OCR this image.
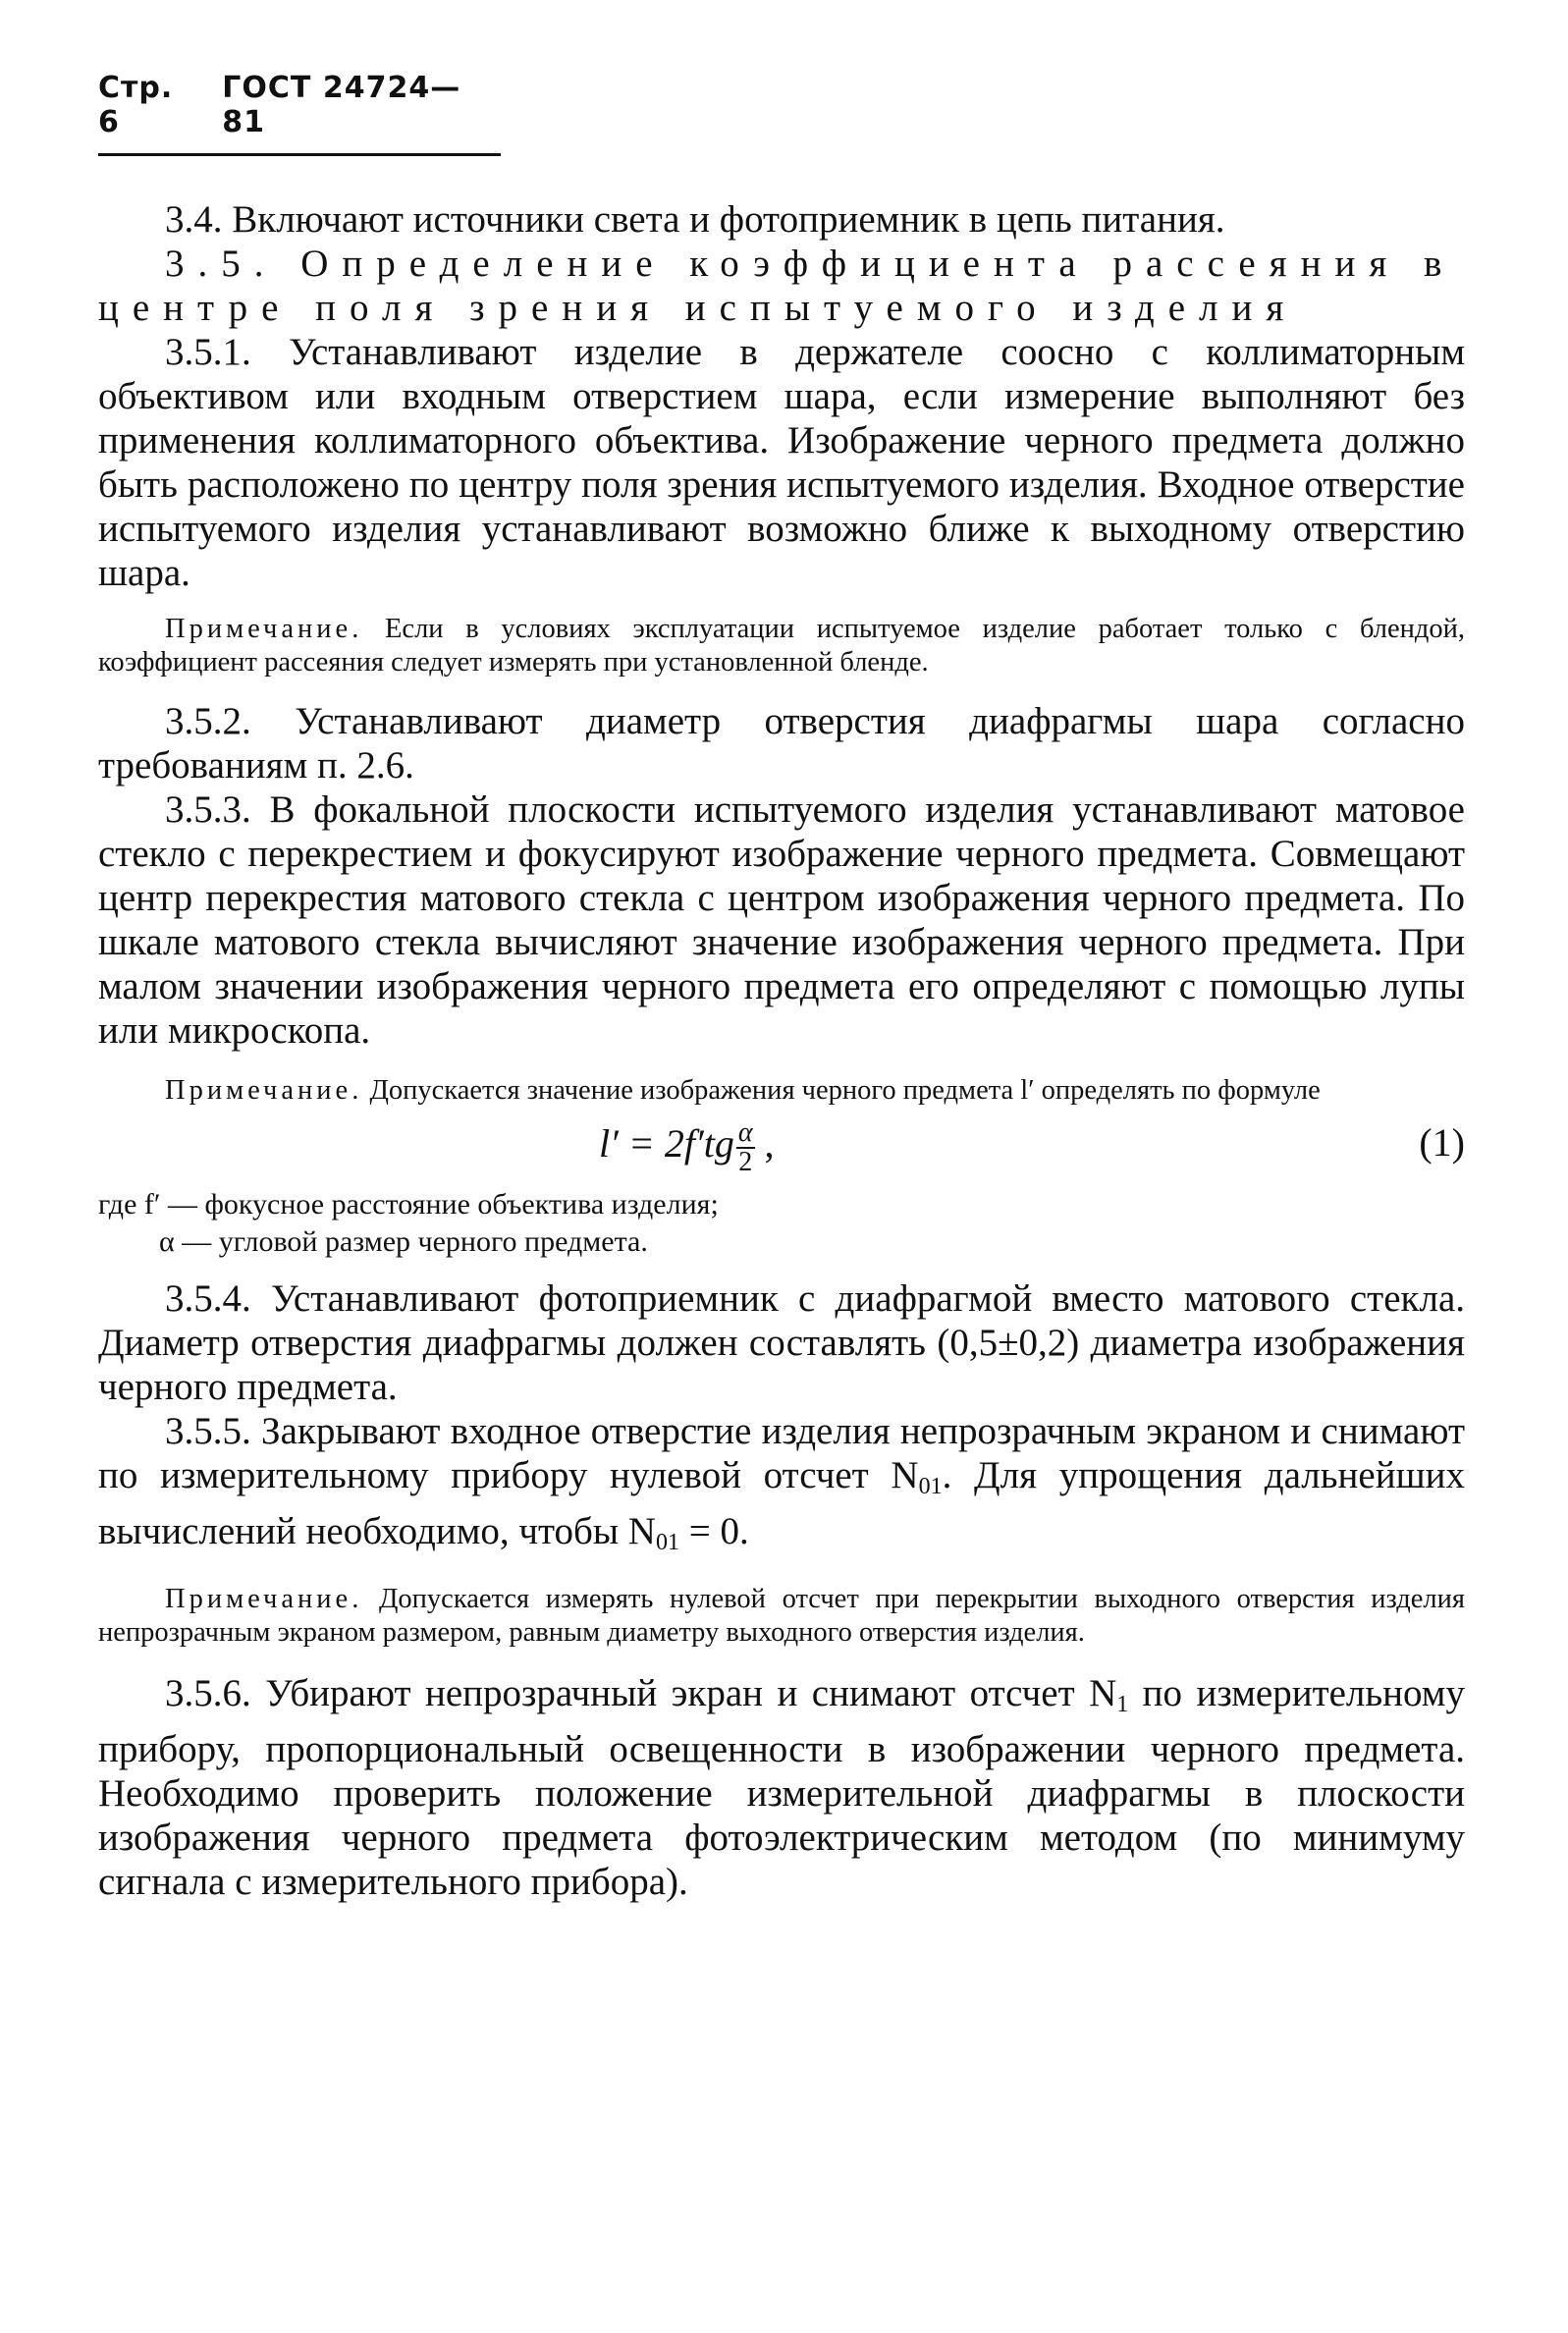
Стр. 6
ГОСТ 24724—81

3.4. Включают источники света и фотоприемник в цепь питания.

3.5. Определение коэффициента рассеяния в центре поля зрения испытуемого изделия

3.5.1. Устанавливают изделие в держателе соосно с коллиматорным объективом или входным отверстием шара, если измерение выполняют без применения коллиматорного объектива. Изображение черного предмета должно быть расположено по центру поля зрения испытуемого изделия. Входное отверстие испытуемого изделия устанавливают возможно ближе к выходному отверстию шара.

Примечание. Если в условиях эксплуатации испытуемое изделие работает только с блендой, коэффициент рассеяния следует измерять при установленной бленде.

3.5.2. Устанавливают диаметр отверстия диафрагмы шара согласно требованиям п. 2.6.

3.5.3. В фокальной плоскости испытуемого изделия устанавливают матовое стекло с перекрестием и фокусируют изображение черного предмета. Совмещают центр перекрестия матового стекла с центром изображения черного предмета. По шкале матового стекла вычисляют значение изображения черного предмета. При малом значении изображения черного предмета его определяют с помощью лупы или микроскопа.

Примечание. Допускается значение изображения черного предмета l′ определять по формуле

$l' = 2f'tg \frac{\alpha}{2}$ ,	(1)
где f′ — фокусное расстояние объектива изделия;
α — угловой размер черного предмета.

3.5.4. Устанавливают фотоприемник с диафрагмой вместо матового стекла. Диаметр отверстия диафрагмы должен составлять (0,5±0,2) диаметра изображения черного предмета.

3.5.5. Закрывают входное отверстие изделия непрозрачным экраном и снимают по измерительному прибору нулевой отсчет $N_{01}$. Для упрощения дальнейших вычислений необходимо, чтобы $N_{01} = 0$.

Примечание. Допускается измерять нулевой отсчет при перекрытии выходного отверстия изделия непрозрачным экраном размером, равным диаметру выходного отверстия изделия.

3.5.6. Убирают непрозрачный экран и снимают отсчет $N_1$ по измерительному прибору, пропорциональный освещенности в изображении черного предмета. Необходимо проверить положение измерительной диафрагмы в плоскости изображения черного предмета фотоэлектрическим методом (по минимуму сигнала с измерительного прибора).
